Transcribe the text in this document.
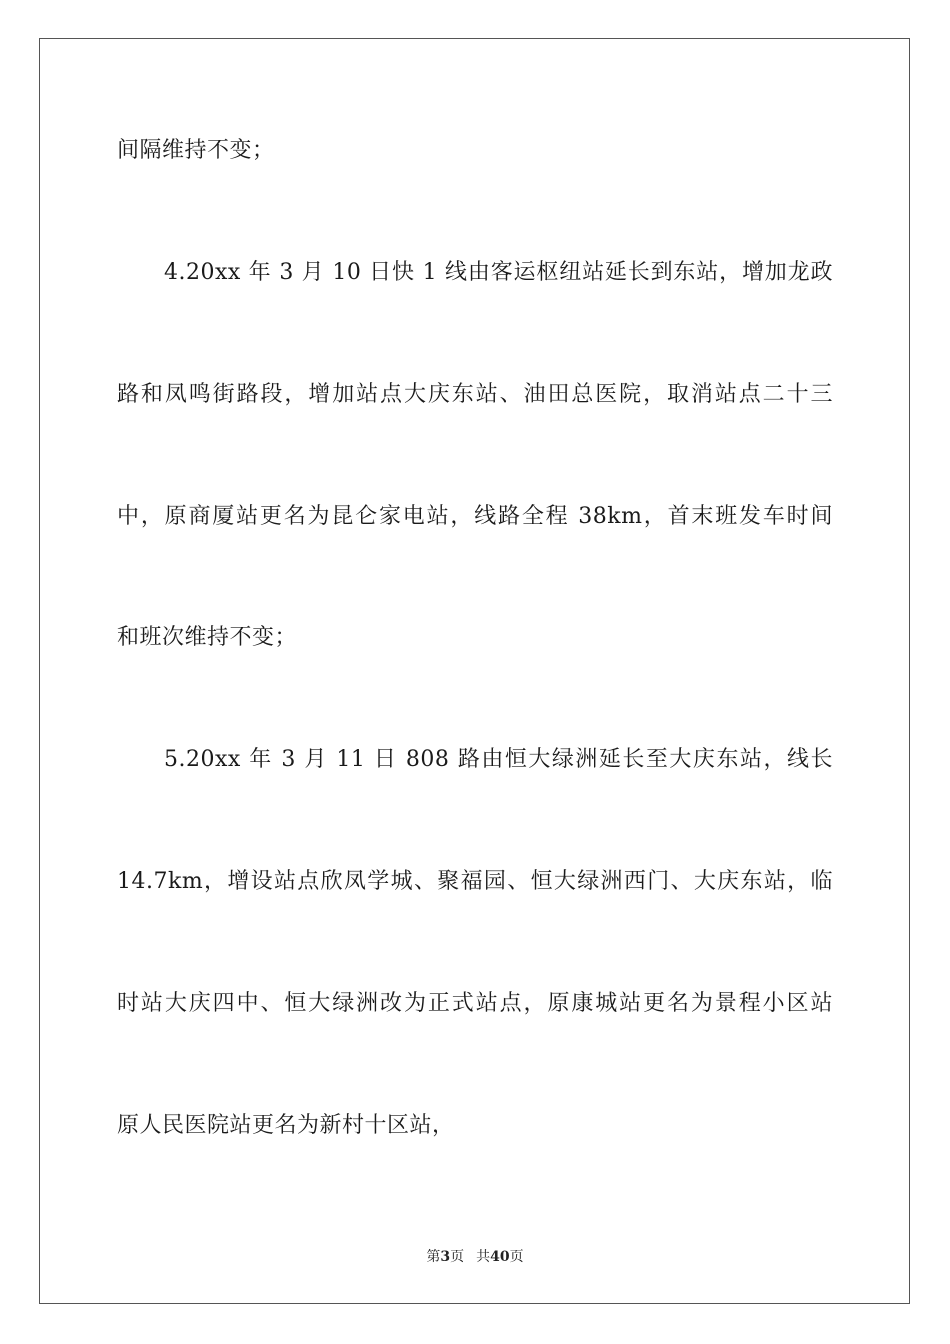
间隔维持不变；
4.20xx 年 3 月 10 日快 1 线由客运枢纽站延长到东站，增加龙政
路和凤鸣街路段，增加站点大庆东站、油田总医院，取消站点二十三
中，原商厦站更名为昆仑家电站，线路全程 38km，首末班发车时间
和班次维持不变；
5.20xx 年 3 月 11 日 808 路由恒大绿洲延长至大庆东站，线长
14.7km，增设站点欣凤学城、聚福园、恒大绿洲西门、大庆东站，临
时站大庆四中、恒大绿洲改为正式站点，原康城站更名为景程小区站
原人民医院站更名为新村十区站，
第3页 共40页
